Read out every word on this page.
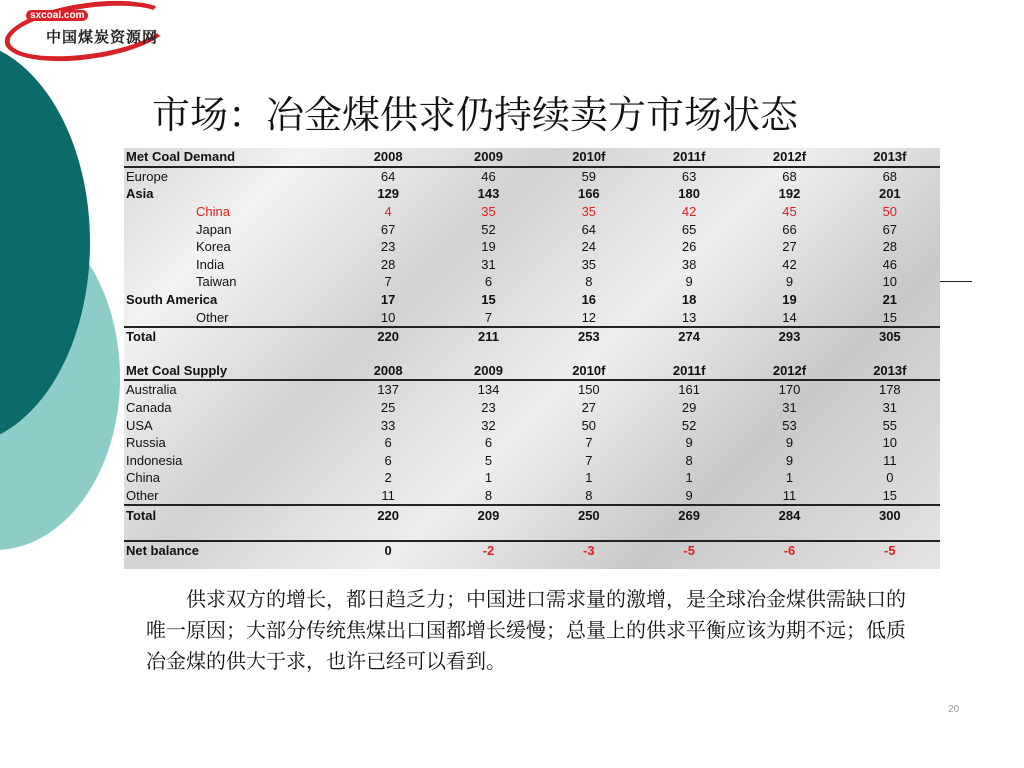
sxcoal.com
中国煤炭资源网
市场：冶金煤供求仍持续卖方市场状态
Met Coal Demand	2008	2009	2010f	2011f	2012f	2013f
Europe	64	46	59	63	68	68
Asia	129	143	166	180	192	201
China	4	35	35	42	45	50
Japan	67	52	64	65	66	67
Korea	23	19	24	26	27	28
India	28	31	35	38	42	46
Taiwan	7	6	8	9	9	10
South America	17	15	16	18	19	21
Other	10	7	12	13	14	15
Total	220	211	253	274	293	305

Met Coal Supply	2008	2009	2010f	2011f	2012f	2013f
Australia	137	134	150	161	170	178
Canada	25	23	27	29	31	31
USA	33	32	50	52	53	55
Russia	6	6	7	9	9	10
Indonesia	6	5	7	8	9	11
China	2	1	1	1	1	0
Other	11	8	8	9	11	15
Total	220	209	250	269	284	300

Net balance	0	-2	-3	-5	-6	-5
供求双方的增长，都日趋乏力；中国进口需求量的激增，是全球冶金煤供需缺口的唯一原因；大部分传统焦煤出口国都增长缓慢；总量上的供求平衡应该为期不远；低质冶金煤的供大于求，也许已经可以看到。
20
